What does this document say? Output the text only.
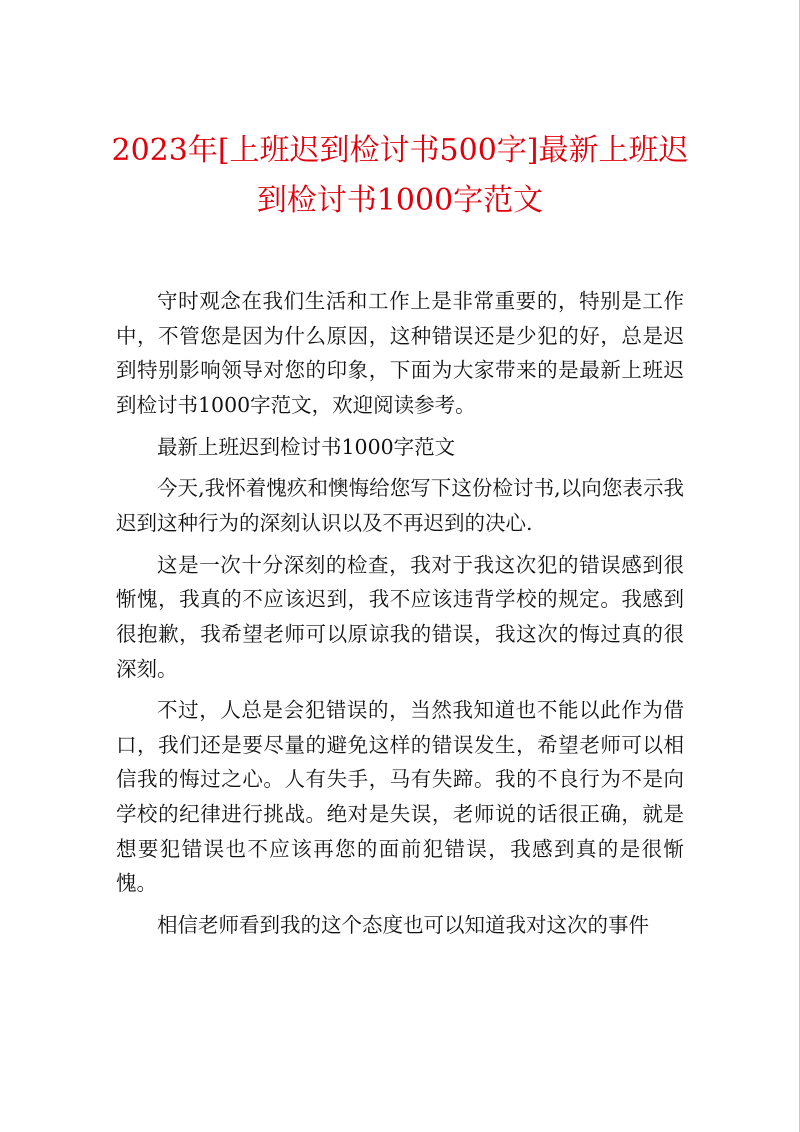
2023年[上班迟到检讨书500字]最新上班迟
到检讨书1000字范文

守时观念在我们生活和工作上是非常重要的，特别是工作中，不管您是因为什么原因，这种错误还是少犯的好，总是迟到特别影响领导对您的印象，下面为大家带来的是最新上班迟到检讨书1000字范文，欢迎阅读参考。

最新上班迟到检讨书1000字范文

今天,我怀着愧疚和懊悔给您写下这份检讨书,以向您表示我迟到这种行为的深刻认识以及不再迟到的决心.

这是一次十分深刻的检查，我对于我这次犯的错误感到很惭愧，我真的不应该迟到，我不应该违背学校的规定。我感到很抱歉，我希望老师可以原谅我的错误，我这次的悔过真的很深刻。

不过，人总是会犯错误的，当然我知道也不能以此作为借口，我们还是要尽量的避免这样的错误发生，希望老师可以相信我的悔过之心。人有失手，马有失蹄。我的不良行为不是向学校的纪律进行挑战。绝对是失误，老师说的话很正确，就是想要犯错误也不应该再您的面前犯错误，我感到真的是很惭愧。

相信老师看到我的这个态度也可以知道我对这次的事件
